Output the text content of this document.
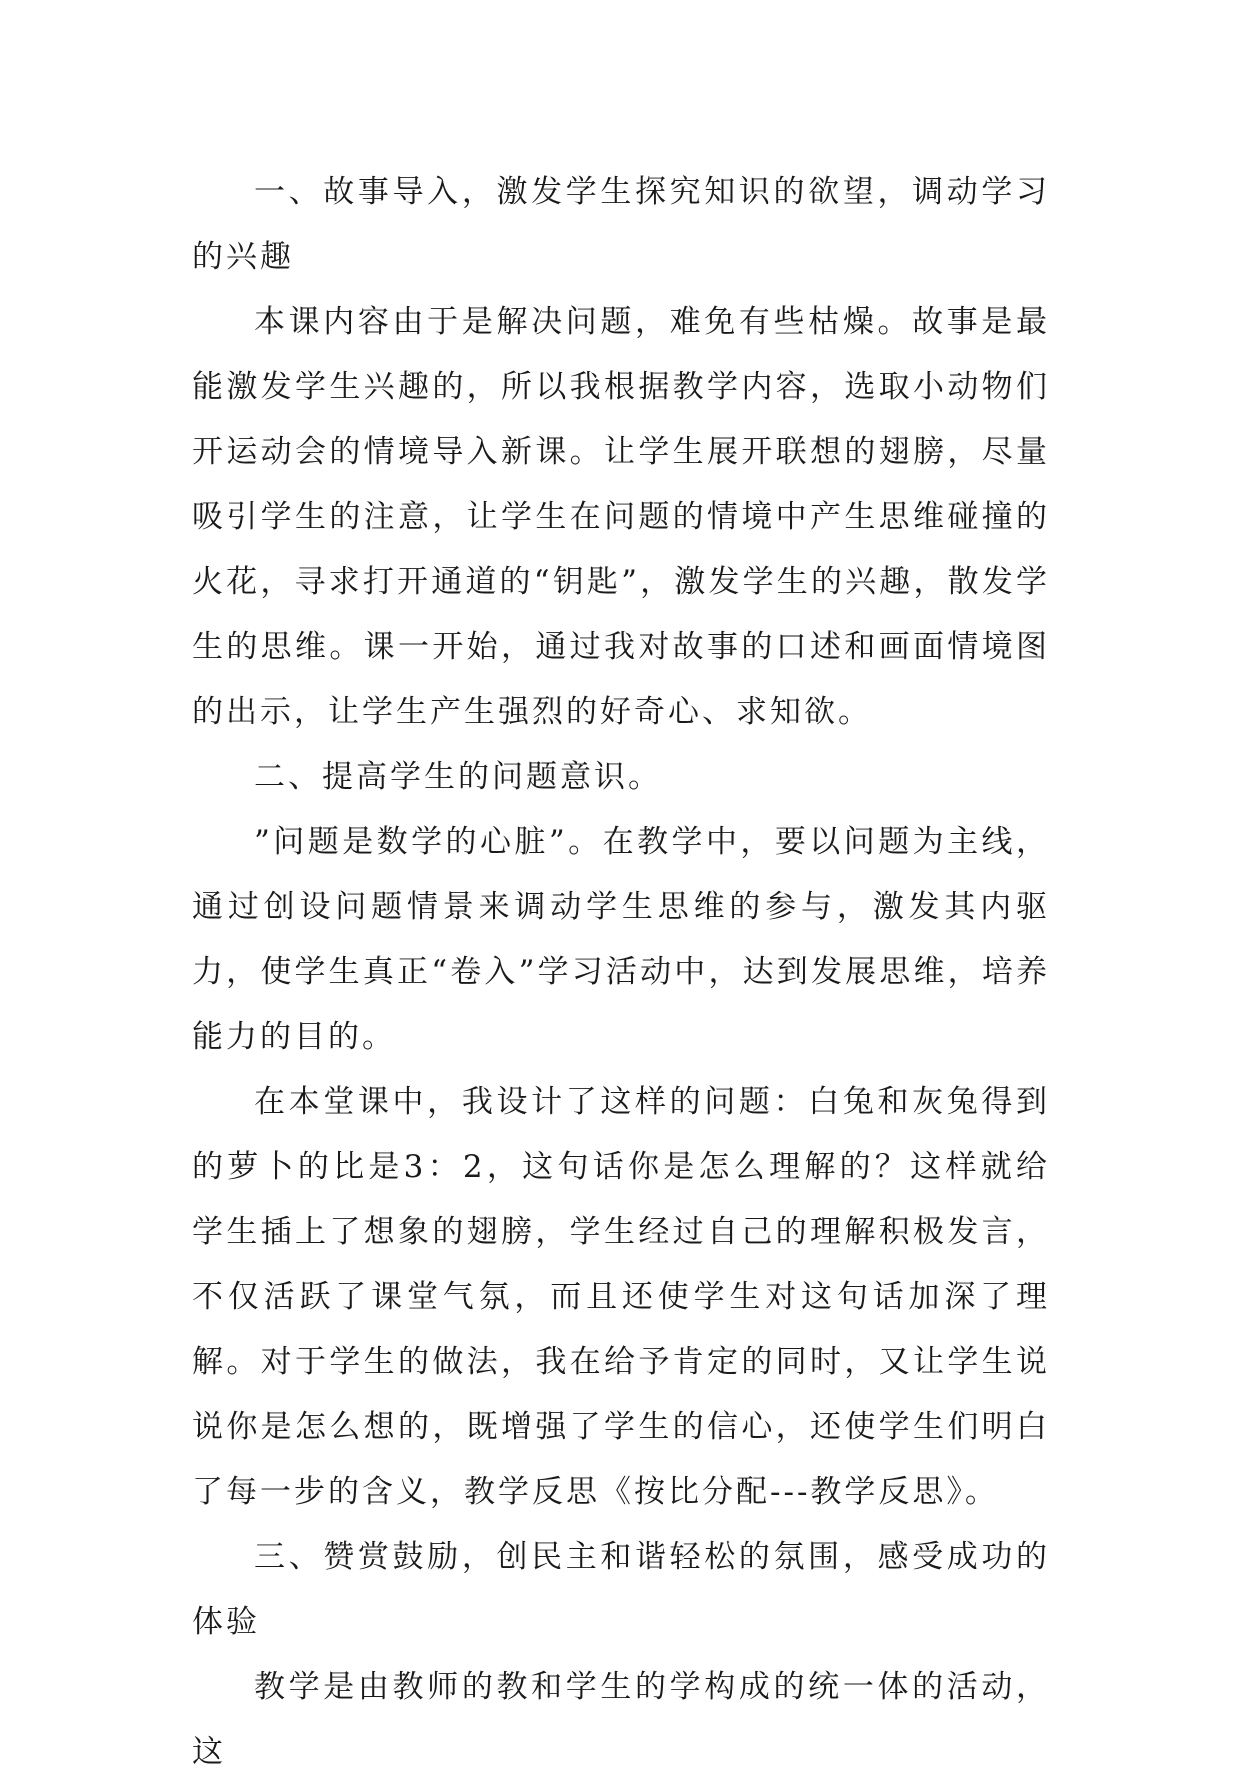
一、故事导入，激发学生探究知识的欲望，调动学习的兴趣

本课内容由于是解决问题，难免有些枯燥。故事是最能激发学生兴趣的，所以我根据教学内容，选取小动物们开运动会的情境导入新课。让学生展开联想的翅膀，尽量吸引学生的注意，让学生在问题的情境中产生思维碰撞的火花，寻求打开通道的“钥匙”，激发学生的兴趣，散发学生的思维。课一开始，通过我对故事的口述和画面情境图的出示，让学生产生强烈的好奇心、求知欲。

二、提高学生的问题意识。

”问题是数学的心脏”。在教学中，要以问题为主线，通过创设问题情景来调动学生思维的参与，激发其内驱力，使学生真正“卷入”学习活动中，达到发展思维，培养能力的目的。

在本堂课中，我设计了这样的问题：白兔和灰兔得到的萝卜的比是3：2，这句话你是怎么理解的？这样就给学生插上了想象的翅膀，学生经过自己的理解积极发言，不仅活跃了课堂气氛，而且还使学生对这句话加深了理解。对于学生的做法，我在给予肯定的同时，又让学生说说你是怎么想的，既增强了学生的信心，还使学生们明白了每一步的含义，教学反思《按比分配---教学反思》。

三、赞赏鼓励，创民主和谐轻松的氛围，感受成功的体验

教学是由教师的教和学生的学构成的统一体的活动，这
